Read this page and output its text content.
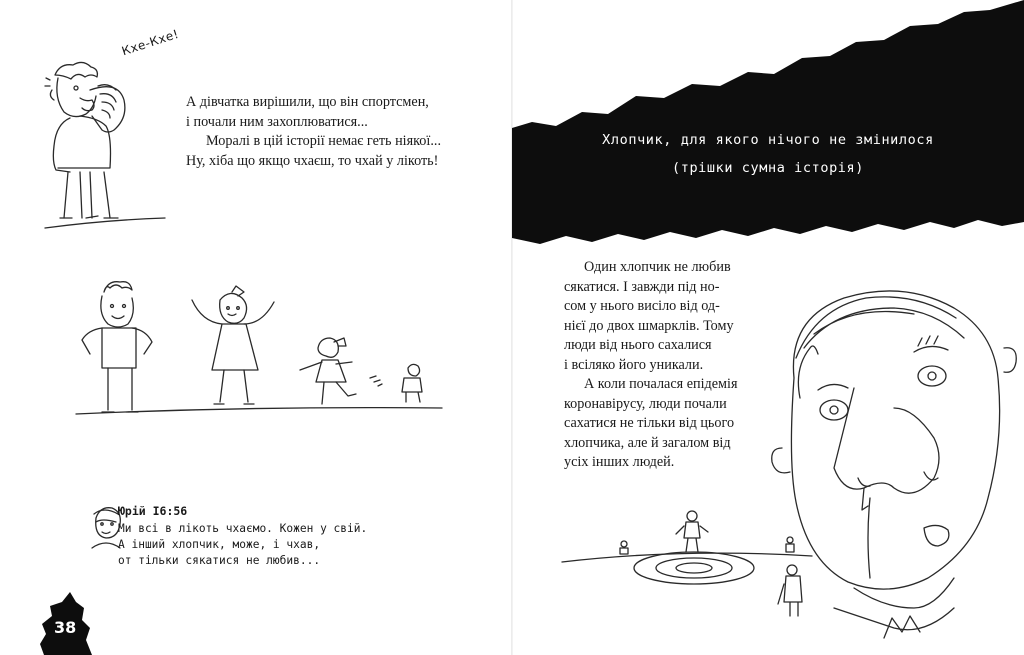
Кхе-Кхе!

А дівчатка вирішили, що він спортсмен,

і почали ним захоплюватися...

Моралі в цій історії немає геть ніякої...

Ну, хіба що якщо чхаєш, то чхай у лікоть!

Юрій I6:56
Ми всі в лікоть чхаємо. Кожен у свій.
А інший хлопчик, може, і чхав,
от тільки сякатися не любив...
38
Хлопчик, для якого нічого не змінилося
(трішки сумна історія)

Один хлопчик не любив

сякатися. І завжди під но-

сом у нього висіло від од-

нієї до двох шмарклів. Тому

люди від нього сахалися

і всіляко його уникали.

А коли почалася епідемія

коронавірусу, люди почали

сахатися не тільки від цього

хлопчика, але й загалом від

усіх інших людей.
